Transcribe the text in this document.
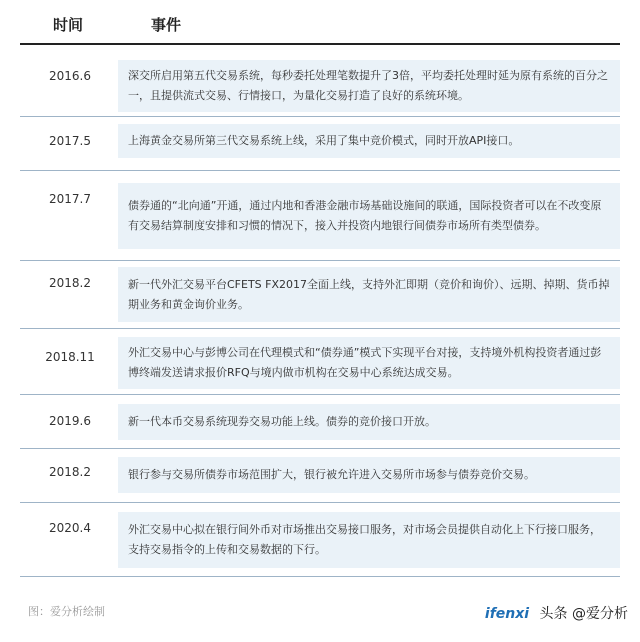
时间	事件
2016.6	深交所启用第五代交易系统，每秒委托处理笔数提升了3倍，平均委托处理时延为原有系统的百分之一，且提供流式交易、行情接口，为量化交易打造了良好的系统环境。
2017.5	上海黄金交易所第三代交易系统上线，采用了集中竞价模式，同时开放API接口。
2017.7	债券通的“北向通”开通，通过内地和香港金融市场基础设施间的联通，国际投资者可以在不改变原有交易结算制度安排和习惯的情况下，接入并投资内地银行间债券市场所有类型债券。
2018.2	新一代外汇交易平台CFETS FX2017全面上线，支持外汇即期（竞价和询价）、远期、掉期、货币掉期业务和黄金询价业务。
2018.11	外汇交易中心与彭博公司在代理模式和“债券通”模式下实现平台对接，支持境外机构投资者通过彭博终端发送请求报价RFQ与境内做市机构在交易中心系统达成交易。
2019.6	新一代本币交易系统现券交易功能上线。债券的竞价接口开放。
2018.2	银行参与交易所债券市场范围扩大，银行被允许进入交易所市场参与债券竞价交易。
2020.4	外汇交易中心拟在银行间外币对市场推出交易接口服务，对市场会员提供自动化上下行接口服务，支持交易指令的上传和交易数据的下行。
图：爱分析绘制	ifenxi 头条 @爱分析
